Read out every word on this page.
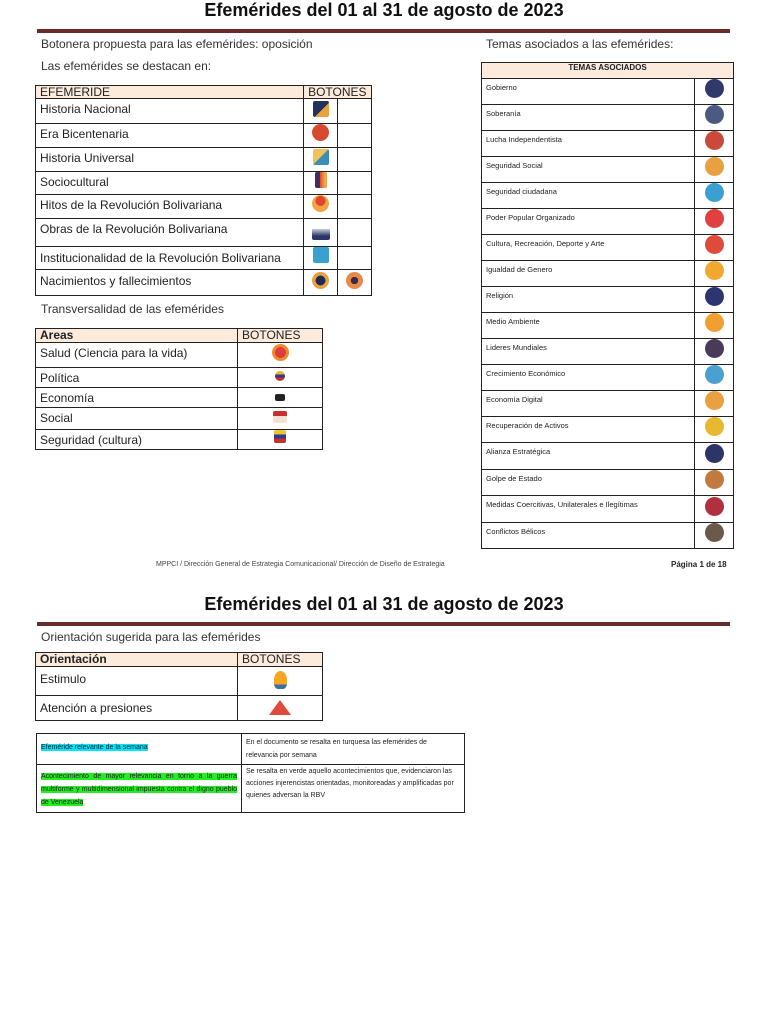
Efemérides del 01 al 31 de agosto de 2023
Botonera propuesta para las efemérides: oposición	Temas asociados a las efemérides:
Las efemérides se destacan en:
EFEMERIDE	BOTONES	
Historia Nacional		
Era Bicentenaria		
Historia Universal		
Sociocultural		
Hitos de la Revolución Bolivariana		
Obras de la Revolución Bolivariana		
Institucionalidad de la Revolución Bolivariana		
Nacimientos y fallecimientos		
Transversalidad de las efemérides
Areas	BOTONES
Salud (Ciencia para la vida)	
Política	
Economía	
Social	
Seguridad (cultura)	
TEMAS ASOCIADOS	
Gobierno	
Soberanía	
Lucha Independentista	
Seguridad Social	
Seguridad ciudadana	
Poder Popular Organizado	
Cultura, Recreación, Deporte y Arte	
Igualdad de Genero	
Religión	
Medio Ambiente	
Lideres Mundiales	
Crecimiento Económico	
Economía Digital	
Recuperación de Activos	
Alianza Estratégica	
Golpe de Estado	
Medidas Coercitivas, Unilaterales e Ilegítimas	
Conflictos Bélicos	
MPPCI / Dirección General de Estrategia Comunicacional/ Dirección de Diseño de Estrategia	Página 1 de 18
Efemérides del 01 al 31 de agosto de 2023
Orientación sugerida para las efemérides
Orientación	BOTONES
Estimulo	
Atención a presiones	
Efeméride relevante de la semana	En el documento se resalta en turquesa las efemérides de relevancia por semana
Acontecimiento de mayor relevancia en torno a la guerra multiforme y multidimensional impuesta contra el digno pueblo de Venezuela	Se resalta en verde aquello acontecimientos que, evidenciaron las acciones injerencistas orientadas, monitoreadas y amplificadas por quienes adversan la RBV
